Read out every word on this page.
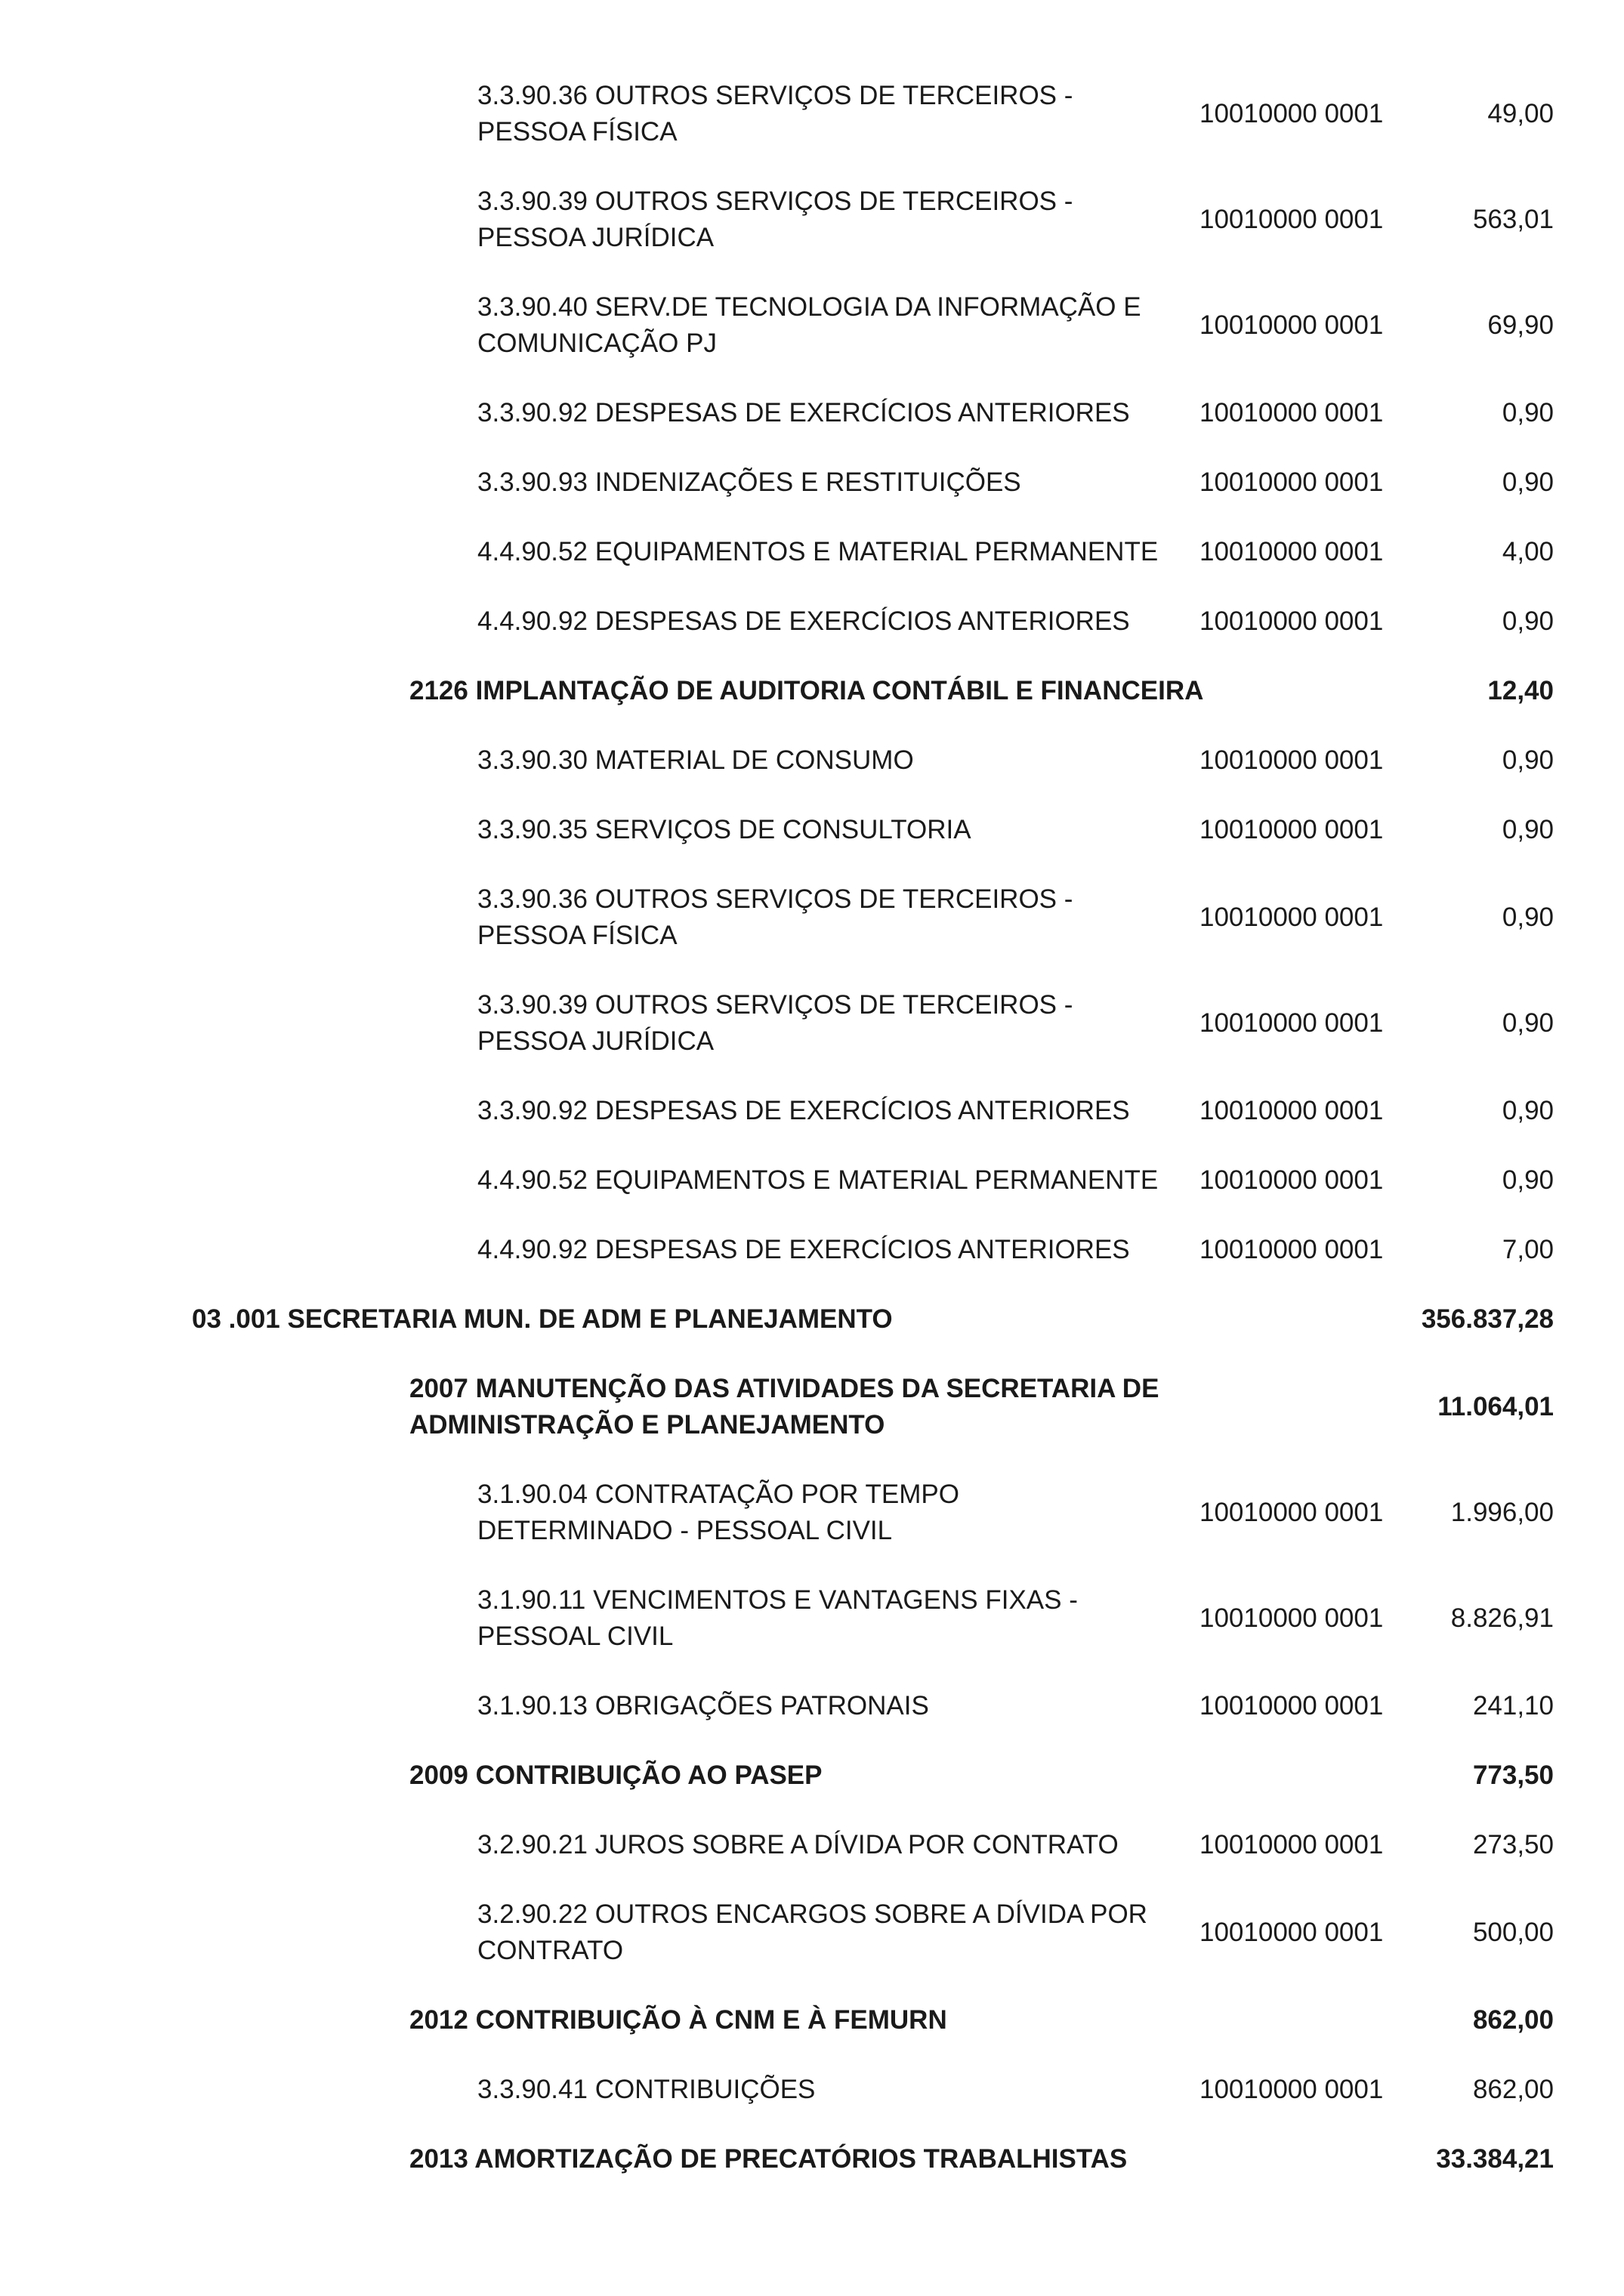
3.3.90.36 OUTROS SERVIÇOS DE TERCEIROS -
PESSOA FÍSICA
10010000 0001	49,00
3.3.90.39 OUTROS SERVIÇOS DE TERCEIROS -
PESSOA JURÍDICA
10010000 0001	563,01
3.3.90.40 SERV.DE TECNOLOGIA DA INFORMAÇÃO E
COMUNICAÇÃO PJ
10010000 0001	69,90
3.3.90.92 DESPESAS DE EXERCÍCIOS ANTERIORES	10010000 0001	0,90
3.3.90.93 INDENIZAÇÕES E RESTITUIÇÕES	10010000 0001	0,90
4.4.90.52 EQUIPAMENTOS E MATERIAL PERMANENTE	10010000 0001	4,00
4.4.90.92 DESPESAS DE EXERCÍCIOS ANTERIORES	10010000 0001	0,90
2126 IMPLANTAÇÃO DE AUDITORIA CONTÁBIL E FINANCEIRA	12,40
3.3.90.30 MATERIAL DE CONSUMO	10010000 0001	0,90
3.3.90.35 SERVIÇOS DE CONSULTORIA	10010000 0001	0,90
3.3.90.36 OUTROS SERVIÇOS DE TERCEIROS -
PESSOA FÍSICA
10010000 0001	0,90
3.3.90.39 OUTROS SERVIÇOS DE TERCEIROS -
PESSOA JURÍDICA
10010000 0001	0,90
3.3.90.92 DESPESAS DE EXERCÍCIOS ANTERIORES	10010000 0001	0,90
4.4.90.52 EQUIPAMENTOS E MATERIAL PERMANENTE	10010000 0001	0,90
4.4.90.92 DESPESAS DE EXERCÍCIOS ANTERIORES	10010000 0001	7,00
03 .001 SECRETARIA MUN. DE ADM E PLANEJAMENTO	356.837,28
2007 MANUTENÇÃO DAS ATIVIDADES DA SECRETARIA DE
ADMINISTRAÇÃO E PLANEJAMENTO
11.064,01
3.1.90.04 CONTRATAÇÃO POR TEMPO
DETERMINADO - PESSOAL CIVIL
10010000 0001	1.996,00
3.1.90.11 VENCIMENTOS E VANTAGENS FIXAS -
PESSOAL CIVIL
10010000 0001	8.826,91
3.1.90.13 OBRIGAÇÕES PATRONAIS	10010000 0001	241,10
2009 CONTRIBUIÇÃO AO PASEP	773,50
3.2.90.21 JUROS SOBRE A DÍVIDA POR CONTRATO	10010000 0001	273,50
3.2.90.22 OUTROS ENCARGOS SOBRE A DÍVIDA POR
CONTRATO
10010000 0001	500,00
2012 CONTRIBUIÇÃO À CNM E À FEMURN	862,00
3.3.90.41 CONTRIBUIÇÕES	10010000 0001	862,00
2013 AMORTIZAÇÃO DE PRECATÓRIOS TRABALHISTAS	33.384,21
